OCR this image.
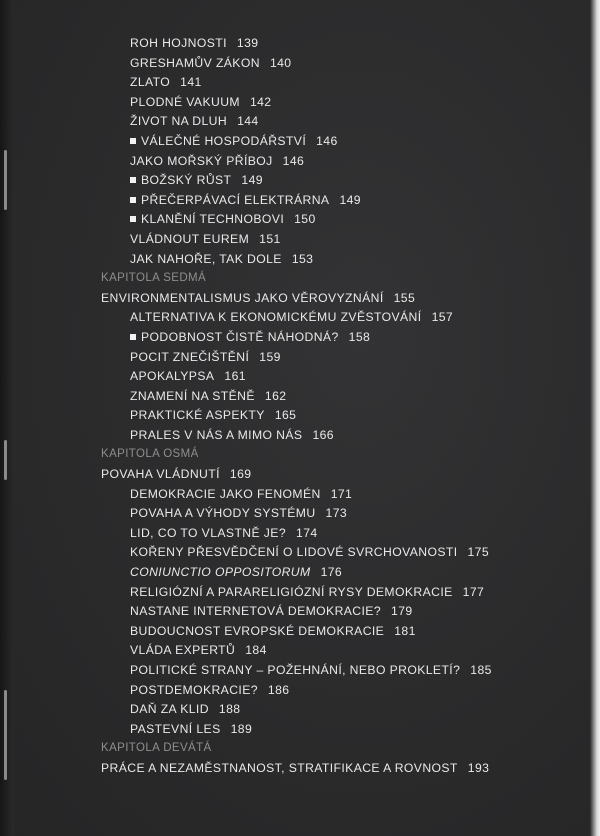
ROH HOJNOSTI 139
GRESHAMŮV ZÁKON 140
ZLATO 141
PLODNÉ VAKUUM 142
ŽIVOT NA DLUH 144
VÁLEČNÉ HOSPODÁŘSTVÍ 146
JAKO MOŘSKÝ PŘÍBOJ 146
BOŽSKÝ RŮST 149
PŘEČERPÁVACÍ ELEKTRÁRNA 149
KLANĚNÍ TECHNOBOVI 150
VLÁDNOUT EUREM 151
JAK NAHOŘE, TAK DOLE 153
KAPITOLA SEDMÁ
ENVIRONMENTALISMUS JAKO VĚROVYZNÁNÍ 155
ALTERNATIVA K EKONOMICKÉMU ZVĚSTOVÁNÍ 157
PODOBNOST ČISTĚ NÁHODNÁ? 158
POCIT ZNEČIŠTĚNÍ 159
APOKALYPSA 161
ZNAMENÍ NA STĚNĚ 162
PRAKTICKÉ ASPEKTY 165
PRALES V NÁS A MIMO NÁS 166
KAPITOLA OSMÁ
POVAHA VLÁDNUTÍ 169
DEMOKRACIE JAKO FENOMÉN 171
POVAHA A VÝHODY SYSTÉMU 173
LID, CO TO VLASTNĚ JE? 174
KOŘENY PŘESVĚDČENÍ O LIDOVÉ SVRCHOVANOSTI 175
CONIUNCTIO OPPOSITORUM 176
RELIGIÓZNÍ A PARARELIGIÓZNÍ RYSY DEMOKRACIE 177
NASTANE INTERNETOVÁ DEMOKRACIE? 179
BUDOUCNOST EVROPSKÉ DEMOKRACIE 181
VLÁDA EXPERTŮ 184
POLITICKÉ STRANY – POŽEHNÁNÍ, NEBO PROKLETÍ? 185
POSTDEMOKRACIE? 186
DAŇ ZA KLID 188
PASTEVNÍ LES 189
KAPITOLA DEVÁTÁ
PRÁCE A NEZAMĚSTNANOST, STRATIFIKACE A ROVNOST 193
